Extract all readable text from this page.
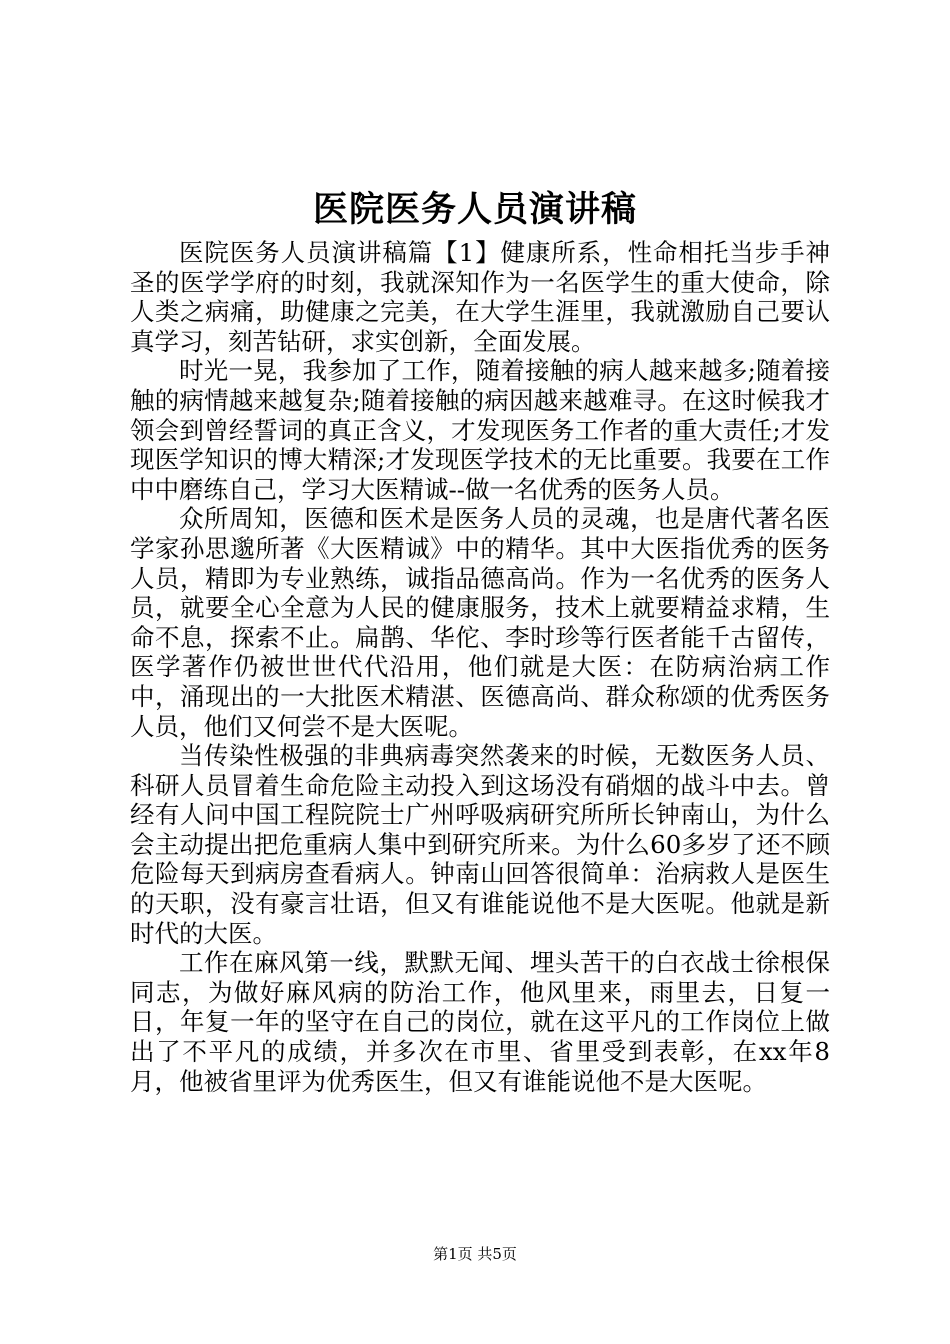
医院医务人员演讲稿

医院医务人员演讲稿篇【1】健康所系，性命相托当步手神圣的医学学府的时刻，我就深知作为一名医学生的重大使命，除人类之病痛，助健康之完美，在大学生涯里，我就激励自己要认真学习，刻苦钻研，求实创新，全面发展。

时光一晃，我参加了工作，随着接触的病人越来越多;随着接触的病情越来越复杂;随着接触的病因越来越难寻。在这时候我才领会到曾经誓词的真正含义，才发现医务工作者的重大责任;才发现医学知识的博大精深;才发现医学技术的无比重要。我要在工作中中磨练自己，学习大医精诚--做一名优秀的医务人员。

众所周知，医德和医术是医务人员的灵魂，也是唐代著名医学家孙思邈所著《大医精诚》中的精华。其中大医指优秀的医务人员，精即为专业熟练，诚指品德高尚。作为一名优秀的医务人员，就要全心全意为人民的健康服务，技术上就要精益求精，生命不息，探索不止。扁鹊、华佗、李时珍等行医者能千古留传，医学著作仍被世世代代沿用，他们就是大医：在防病治病工作中，涌现出的一大批医术精湛、医德高尚、群众称颂的优秀医务人员，他们又何尝不是大医呢。

当传染性极强的非典病毒突然袭来的时候，无数医务人员、科研人员冒着生命危险主动投入到这场没有硝烟的战斗中去。曾经有人问中国工程院院士广州呼吸病研究所所长钟南山，为什么会主动提出把危重病人集中到研究所来。为什么60多岁了还不顾危险每天到病房查看病人。钟南山回答很简单：治病救人是医生的天职，没有豪言壮语，但又有谁能说他不是大医呢。他就是新时代的大医。

工作在麻风第一线，默默无闻、埋头苦干的白衣战士徐根保同志，为做好麻风病的防治工作，他风里来，雨里去，日复一日，年复一年的坚守在自己的岗位，就在这平凡的工作岗位上做出了不平凡的成绩，并多次在市里、省里受到表彰，在xx年8月，他被省里评为优秀医生，但又有谁能说他不是大医呢。

第1页 共5页
